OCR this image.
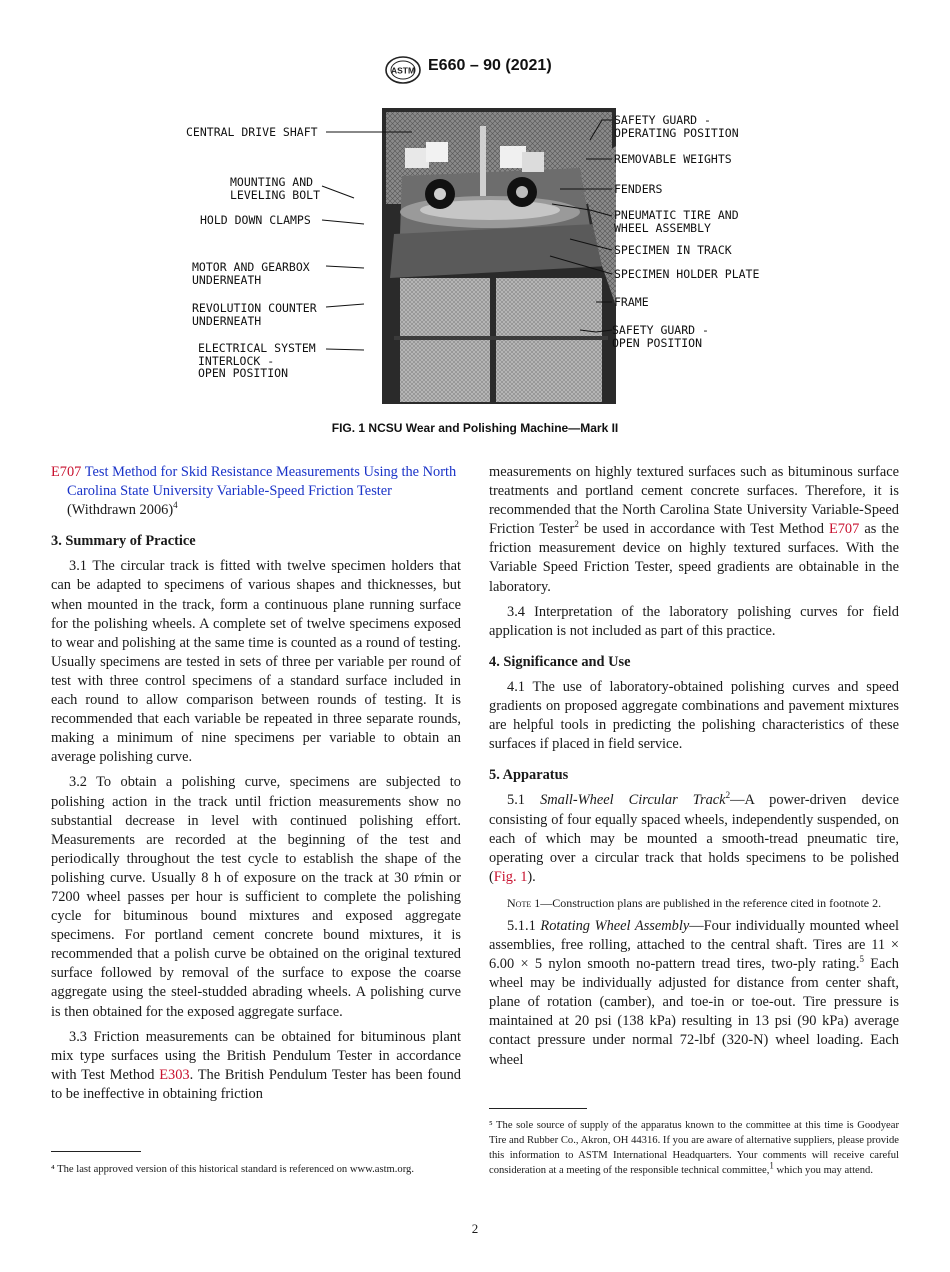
ASTM E660 – 90 (2021)
CENTRAL DRIVE SHAFT
MOUNTING AND
LEVELING BOLT
HOLD DOWN CLAMPS
MOTOR AND GEARBOX
UNDERNEATH
REVOLUTION COUNTER
UNDERNEATH
ELECTRICAL SYSTEM
INTERLOCK -
OPEN POSITION
SAFETY GUARD -
OPERATING POSITION
REMOVABLE WEIGHTS
FENDERS
PNEUMATIC TIRE AND
WHEEL ASSEMBLY
SPECIMEN IN TRACK
SPECIMEN HOLDER PLATE
FRAME
SAFETY GUARD -
OPEN POSITION
FIG. 1 NCSU Wear and Polishing Machine—Mark II

E707 Test Method for Skid Resistance Measurements Using the North Carolina State University Variable-Speed Friction Tester (Withdrawn 2006)$^4$

3. Summary of Practice

3.1 The circular track is fitted with twelve specimen holders that can be adapted to specimens of various shapes and thicknesses, but when mounted in the track, form a continuous plane running surface for the polishing wheels. A complete set of twelve specimens exposed to wear and polishing at the same time is counted as a round of testing. Usually specimens are tested in sets of three per variable per round of test with three control specimens of a standard surface included in each round to allow comparison between rounds of testing. It is recommended that each variable be repeated in three separate rounds, making a minimum of nine specimens per variable to obtain an average polishing curve.

3.2 To obtain a polishing curve, specimens are subjected to polishing action in the track until friction measurements show no substantial decrease in level with continued polishing effort. Measurements are recorded at the beginning of the test and periodically throughout the test cycle to establish the shape of the polishing curve. Usually 8 h of exposure on the track at 30 r⁄min or 7200 wheel passes per hour is sufficient to complete the polishing cycle for bituminous bound mixtures and exposed aggregate specimens. For portland cement concrete bound mixtures, it is recommended that a polish curve be obtained on the original textured surface followed by removal of the surface to expose the coarse aggregate using the steel-studded abrading wheels. A polishing curve is then obtained for the exposed aggregate surface.

3.3 Friction measurements can be obtained for bituminous plant mix type surfaces using the British Pendulum Tester in accordance with Test Method E303. The British Pendulum Tester has been found to be ineffective in obtaining friction

⁴ The last approved version of this historical standard is referenced on www.astm.org.

measurements on highly textured surfaces such as bituminous surface treatments and portland cement concrete surfaces. Therefore, it is recommended that the North Carolina State University Variable-Speed Friction Tester$^2$ be used in accordance with Test Method E707 as the friction measurement device on highly textured surfaces. With the Variable Speed Friction Tester, speed gradients are obtainable in the laboratory.

3.4 Interpretation of the laboratory polishing curves for field application is not included as part of this practice.

4. Significance and Use

4.1 The use of laboratory-obtained polishing curves and speed gradients on proposed aggregate combinations and pavement mixtures are helpful tools in predicting the polishing characteristics of these surfaces if placed in field service.

5. Apparatus

5.1 Small-Wheel Circular Track$^2$—A power-driven device consisting of four equally spaced wheels, independently suspended, on each of which may be mounted a smooth-tread pneumatic tire, operating over a circular track that holds specimens to be polished (Fig. 1).

Note 1—Construction plans are published in the reference cited in footnote 2.

5.1.1 Rotating Wheel Assembly—Four individually mounted wheel assemblies, free rolling, attached to the central shaft. Tires are 11 × 6.00 × 5 nylon smooth no-pattern tread tires, two-ply rating.$^5$ Each wheel may be individually adjusted for distance from center shaft, plane of rotation (camber), and toe-in or toe-out. Tire pressure is maintained at 20 psi (138 kPa) resulting in 13 psi (90 kPa) average contact pressure under normal 72-lbf (320-N) wheel loading. Each wheel

⁵ The sole source of supply of the apparatus known to the committee at this time is Goodyear Tire and Rubber Co., Akron, OH 44316. If you are aware of alternative suppliers, please provide this information to ASTM International Headquarters. Your comments will receive careful consideration at a meeting of the responsible technical committee,$^1$ which you may attend.
2
